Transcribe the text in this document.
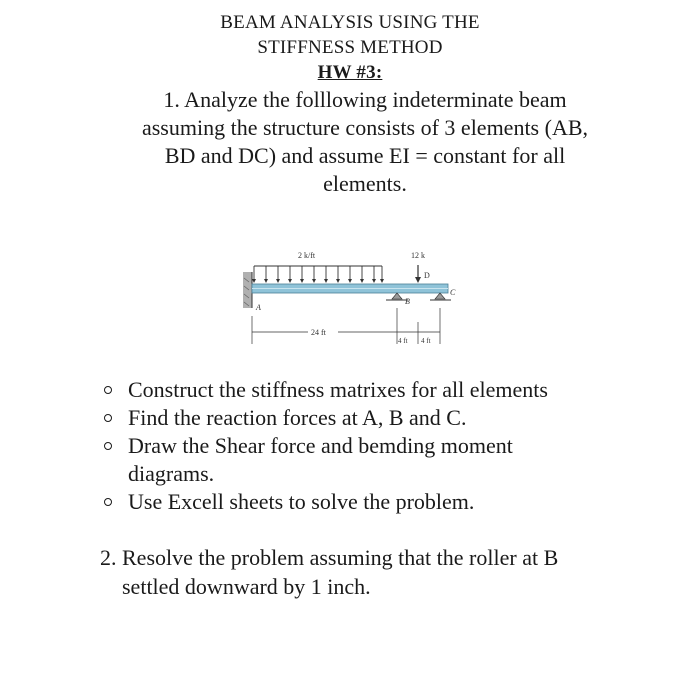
BEAM ANALYSIS USING THE
STIFFNESS METHOD
HW #3:
1. Analyze the folllowing indeterminate beam
assuming the structure consists of 3 elements (AB,
BD and DC) and assume EI = constant for all
elements.
2 k/ft	12 k
D
B
C
A
24 ft
4 ft 4 ft
Construct the stiffness matrixes for all elements
Find the reaction forces at A, B and C.
Draw the Shear force and bemding moment
diagrams.
Use Excell sheets to solve the problem.
2. Resolve the problem assuming that the roller at B
settled downward by 1 inch.
